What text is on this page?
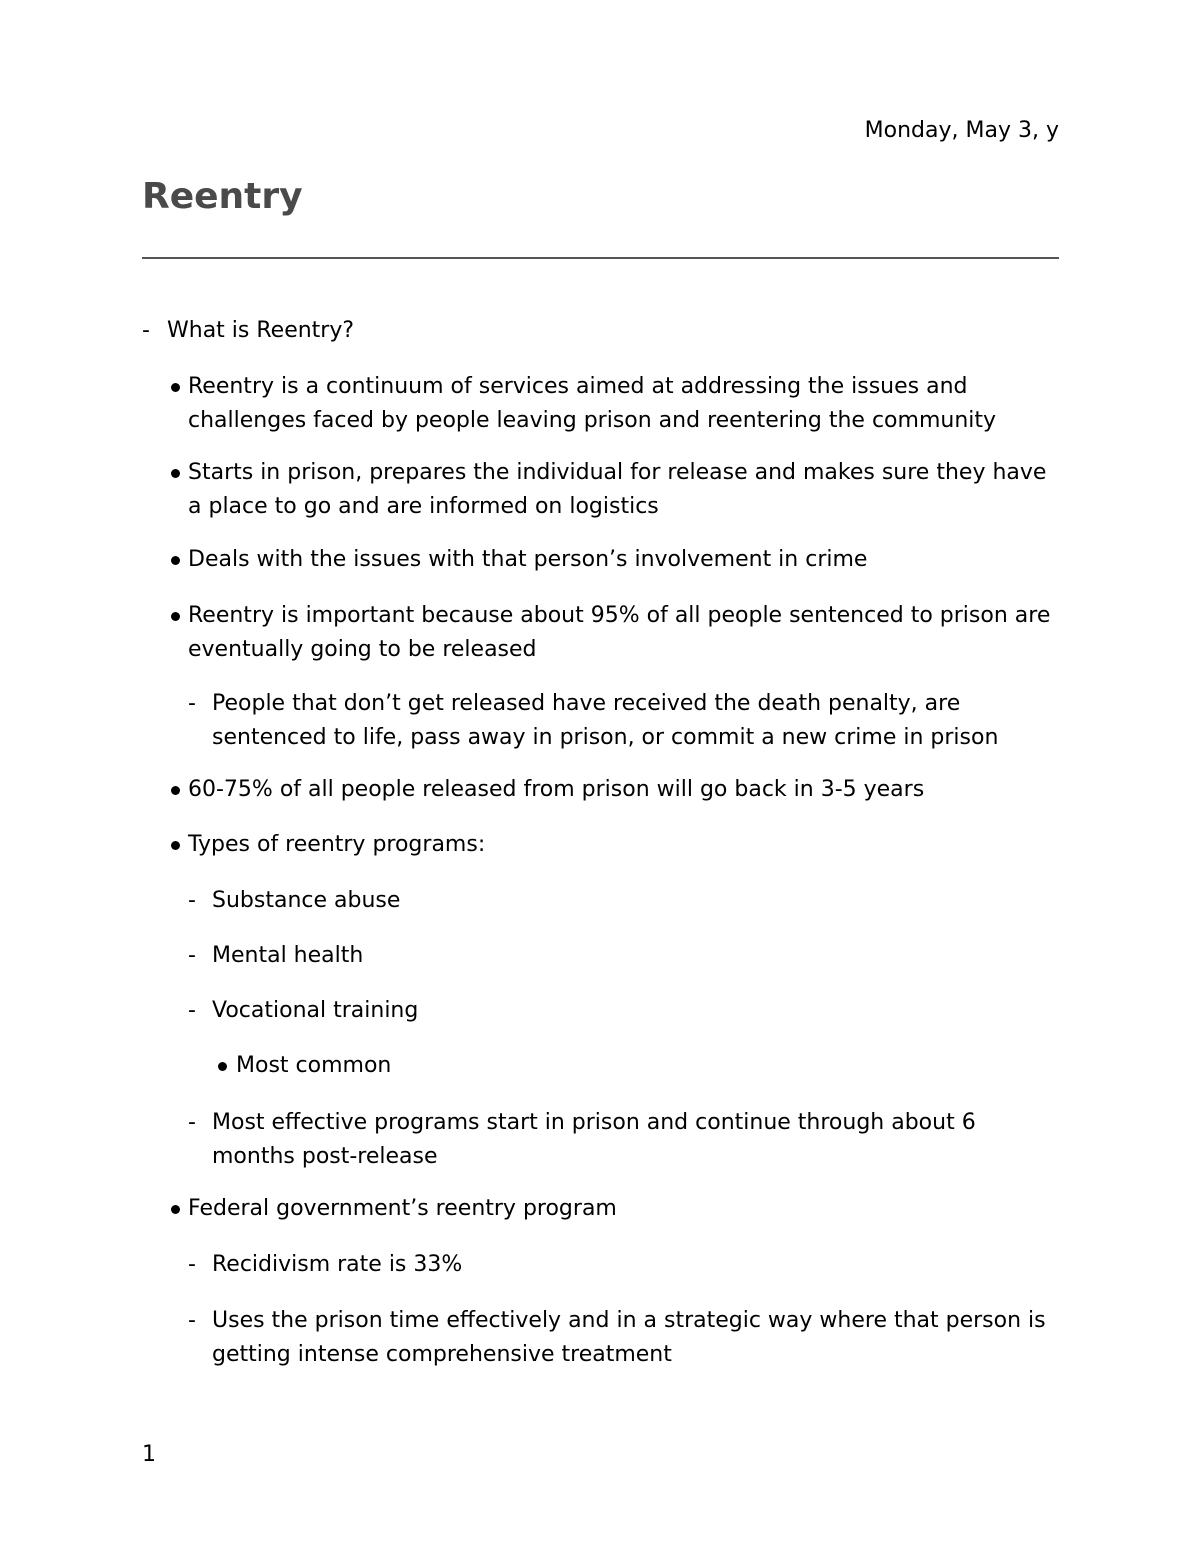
Monday, May 3, y
Reentry
- What is Reentry?
Reentry is a continuum of services aimed at addressing the issues and challenges faced by people leaving prison and reentering the community
Starts in prison, prepares the individual for release and makes sure they have a place to go and are informed on logistics
Deals with the issues with that person’s involvement in crime
Reentry is important because about 95% of all people sentenced to prison are eventually going to be released
- People that don’t get released have received the death penalty, are sentenced to life, pass away in prison, or commit a new crime in prison
60-75% of all people released from prison will go back in 3-5 years
Types of reentry programs:
- Substance abuse
- Mental health
- Vocational training
Most common
- Most effective programs start in prison and continue through about 6 months post-release
Federal government’s reentry program
- Recidivism rate is 33%
- Uses the prison time effectively and in a strategic way where that person is getting intense comprehensive treatment
1
